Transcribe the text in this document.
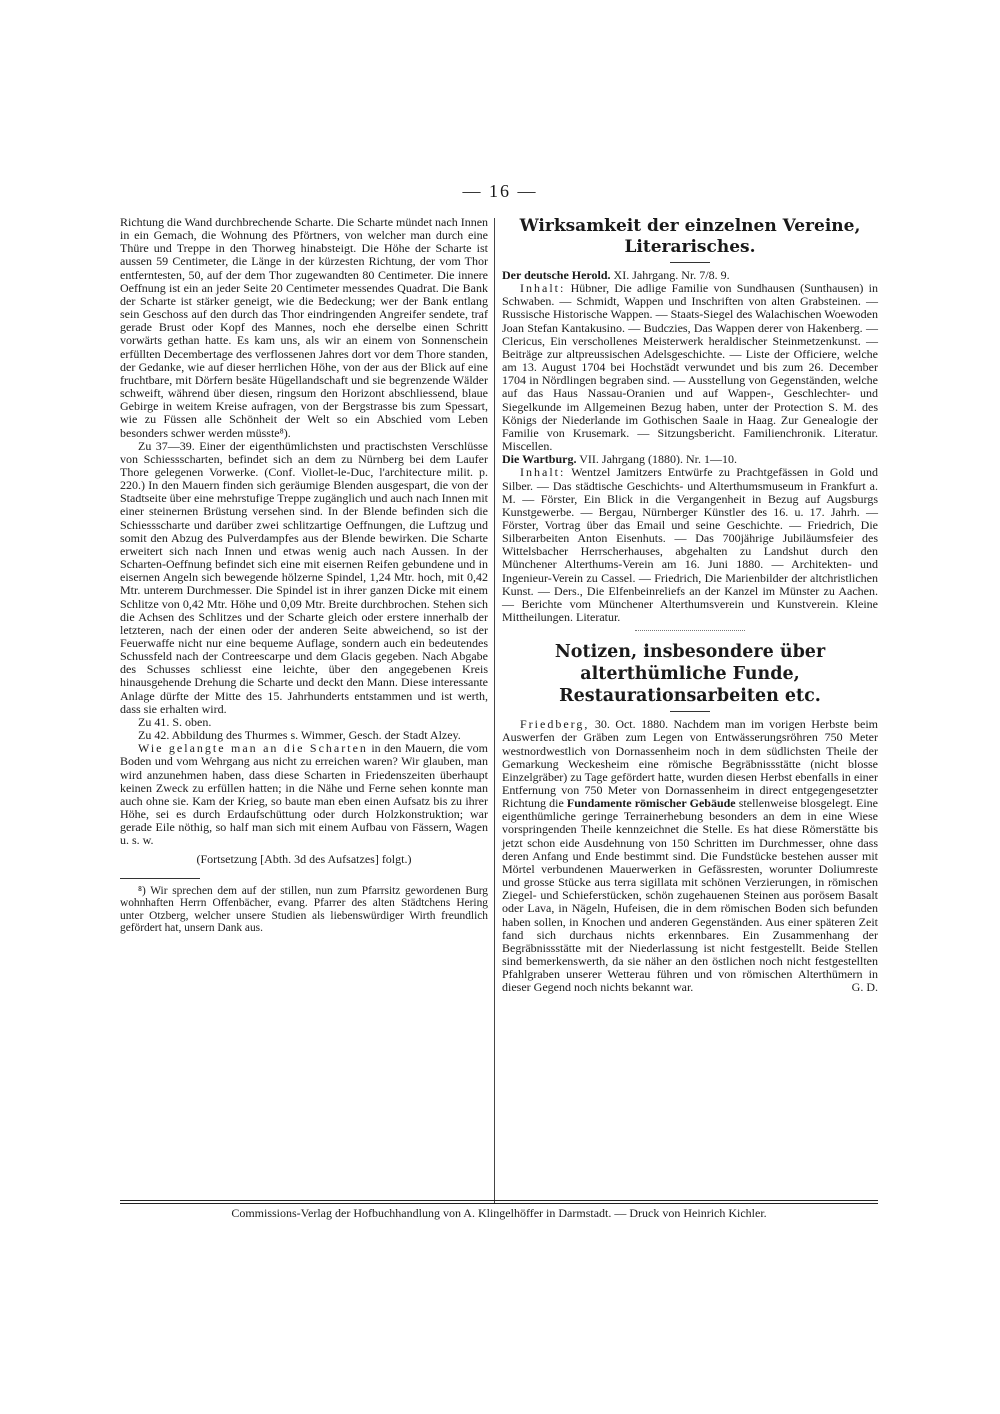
— 16 —

Richtung die Wand durchbrechende Scharte. Die Scharte mündet nach Innen in ein Gemach, die Wohnung des Pförtners, von welcher man durch eine Thüre und Treppe in den Thorweg hinabsteigt. Die Höhe der Scharte ist aussen 59 Centimeter, die Länge in der kürzesten Richtung, der vom Thor entferntesten, 50, auf der dem Thor zugewandten 80 Centimeter. Die innere Oeffnung ist ein an jeder Seite 20 Centimeter messendes Quadrat. Die Bank der Scharte ist stärker geneigt, wie die Bedeckung; wer der Bank entlang sein Geschoss auf den durch das Thor eindringenden Angreifer sendete, traf gerade Brust oder Kopf des Mannes, noch ehe derselbe einen Schritt vorwärts gethan hatte. Es kam uns, als wir an einem von Sonnenschein erfüllten Decembertage des verflossenen Jahres dort vor dem Thore standen, der Gedanke, wie auf dieser herrlichen Höhe, von der aus der Blick auf eine fruchtbare, mit Dörfern besäte Hügellandschaft und sie begrenzende Wälder schweift, während über diesen, ringsum den Horizont abschliessend, blaue Gebirge in weitem Kreise aufragen, von der Bergstrasse bis zum Spessart, wie zu Füssen alle Schönheit der Welt so ein Abschied vom Leben besonders schwer werden müsste⁸).

Zu 37—39. Einer der eigenthümlichsten und practischsten Verschlüsse von Schiessscharten, befindet sich an dem zu Nürnberg bei dem Laufer Thore gelegenen Vorwerke. (Conf. Viollet-le-Duc, l'architecture milit. p. 220.) In den Mauern finden sich geräumige Blenden ausgespart, die von der Stadtseite über eine mehrstufige Treppe zugänglich und auch nach Innen mit einer steinernen Brüstung versehen sind. In der Blende befinden sich die Schiessscharte und darüber zwei schlitzartige Oeffnungen, die Luftzug und somit den Abzug des Pulverdampfes aus der Blende bewirken. Die Scharte erweitert sich nach Innen und etwas wenig auch nach Aussen. In der Scharten-Oeffnung befindet sich eine mit eisernen Reifen gebundene und in eisernen Angeln sich bewegende hölzerne Spindel, 1,24 Mtr. hoch, mit 0,42 Mtr. unterem Durchmesser. Die Spindel ist in ihrer ganzen Dicke mit einem Schlitze von 0,42 Mtr. Höhe und 0,09 Mtr. Breite durchbrochen. Stehen sich die Achsen des Schlitzes und der Scharte gleich oder erstere innerhalb der letzteren, nach der einen oder der anderen Seite abweichend, so ist der Feuerwaffe nicht nur eine bequeme Auflage, sondern auch ein bedeutendes Schussfeld nach der Contreescarpe und dem Glacis gegeben. Nach Abgabe des Schusses schliesst eine leichte, über den angegebenen Kreis hinausgehende Drehung die Scharte und deckt den Mann. Diese interessante Anlage dürfte der Mitte des 15. Jahrhunderts entstammen und ist werth, dass sie erhalten wird.

Zu 41. S. oben.

Zu 42. Abbildung des Thurmes s. Wimmer, Gesch. der Stadt Alzey.

Wie gelangte man an die Scharten in den Mauern, die vom Boden und vom Wehrgang aus nicht zu erreichen waren? Wir glauben, man wird anzunehmen haben, dass diese Scharten in Friedenszeiten überhaupt keinen Zweck zu erfüllen hatten; in die Nähe und Ferne sehen konnte man auch ohne sie. Kam der Krieg, so baute man eben einen Aufsatz bis zu ihrer Höhe, sei es durch Erdaufschüttung oder durch Holzkonstruktion; war gerade Eile nöthig, so half man sich mit einem Aufbau von Fässern, Wagen u. s. w.

(Fortsetzung [Abth. 3d des Aufsatzes] folgt.)

⁸) Wir sprechen dem auf der stillen, nun zum Pfarrsitz gewordenen Burg wohnhaften Herrn Offenbächer, evang. Pfarrer des alten Städtchens Hering unter Otzberg, welcher unsere Studien als liebenswürdiger Wirth freundlich gefördert hat, unsern Dank aus.

Wirksamkeit der einzelnen Vereine, Literarisches.

Der deutsche Herold. XI. Jahrgang. Nr. 7/8. 9.

Inhalt: Hübner, Die adlige Familie von Sundhausen (Sunthausen) in Schwaben. — Schmidt, Wappen und Inschriften von alten Grabsteinen. — Russische Historische Wappen. — Staats-Siegel des Walachischen Woewoden Joan Stefan Kantakusino. — Budczies, Das Wappen derer von Hakenberg. — Clericus, Ein verschollenes Meisterwerk heraldischer Steinmetzenkunst. — Beiträge zur altpreussischen Adelsgeschichte. — Liste der Officiere, welche am 13. August 1704 bei Hochstädt verwundet und bis zum 26. December 1704 in Nördlingen begraben sind. — Ausstellung von Gegenständen, welche auf das Haus Nassau-Oranien und auf Wappen-, Geschlechter- und Siegelkunde im Allgemeinen Bezug haben, unter der Protection S. M. des Königs der Niederlande im Gothischen Saale in Haag. Zur Genealogie der Familie von Krusemark. — Sitzungsbericht. Familienchronik. Literatur. Miscellen.

Die Wartburg. VII. Jahrgang (1880). Nr. 1—10.

Inhalt: Wentzel Jamitzers Entwürfe zu Prachtgefässen in Gold und Silber. — Das städtische Geschichts- und Alterthumsmuseum in Frankfurt a. M. — Förster, Ein Blick in die Vergangenheit in Bezug auf Augsburgs Kunstgewerbe. — Bergau, Nürnberger Künstler des 16. u. 17. Jahrh. — Förster, Vortrag über das Email und seine Geschichte. — Friedrich, Die Silberarbeiten Anton Eisenhuts. — Das 700jährige Jubiläumsfeier des Wittelsbacher Herrscherhauses, abgehalten zu Landshut durch den Münchener Alterthums-Verein am 16. Juni 1880. — Architekten- und Ingenieur-Verein zu Cassel. — Friedrich, Die Marienbilder der altchristlichen Kunst. — Ders., Die Elfenbeinreliefs an der Kanzel im Münster zu Aachen. — Berichte vom Münchener Alterthumsverein und Kunstverein. Kleine Mittheilungen. Literatur.

Notizen, insbesondere über alterthümliche Funde, Restaurationsarbeiten etc.

Friedberg, 30. Oct. 1880. Nachdem man im vorigen Herbste beim Auswerfen der Gräben zum Legen von Entwässerungsröhren 750 Meter westnordwestlich von Dornassenheim noch in dem südlichsten Theile der Gemarkung Weckesheim eine römische Begräbnissstätte (nicht blosse Einzelgräber) zu Tage gefördert hatte, wurden diesen Herbst ebenfalls in einer Entfernung von 750 Meter von Dornassenheim in direct entgegengesetzter Richtung die Fundamente römischer Gebäude stellenweise blosgelegt. Eine eigenthümliche geringe Terrainerhebung besonders an dem in eine Wiese vorspringenden Theile kennzeichnet die Stelle. Es hat diese Römerstätte bis jetzt schon eide Ausdehnung von 150 Schritten im Durchmesser, ohne dass deren Anfang und Ende bestimmt sind. Die Fundstücke bestehen ausser mit Mörtel verbundenen Mauerwerken in Gefässresten, worunter Doliumreste und grosse Stücke aus terra sigillata mit schönen Verzierungen, in römischen Ziegel- und Schieferstücken, schön zugehauenen Steinen aus porösem Basalt oder Lava, in Nägeln, Hufeisen, die in dem römischen Boden sich befunden haben sollen, in Knochen und anderen Gegenständen. Aus einer späteren Zeit fand sich durchaus nichts erkennbares. Ein Zusammenhang der Begräbnissstätte mit der Niederlassung ist nicht festgestellt. Beide Stellen sind bemerkenswerth, da sie näher an den östlichen noch nicht festgestellten Pfahlgraben unserer Wetterau führen und von römischen Alterthümern in dieser Gegend noch nichts bekannt war.	G. D.

Commissions-Verlag der Hofbuchhandlung von A. Klingelhöffer in Darmstadt. — Druck von Heinrich Kichler.
